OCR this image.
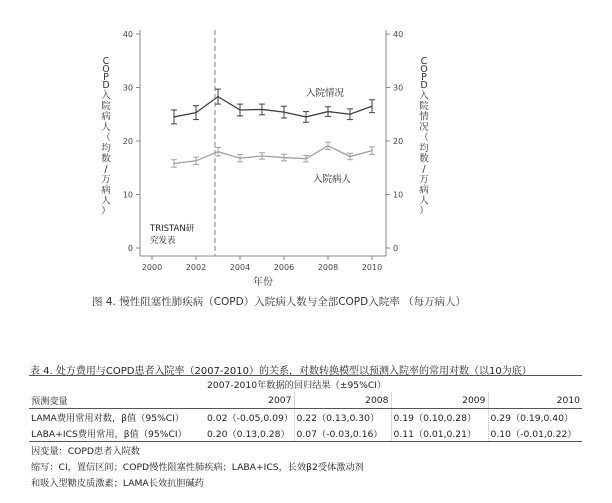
0	0
10	10
20	20
30	30
40	40
2000	2002	2004	2006	2008	2010
年份
C O P D 入院病人（均数/万病人）
C O P D 入院情况（均数/万病人）
TRISTAN研
究发表
入院情况
入院病人
图 4. 慢性阻塞性肺疾病（COPD）入院病人数与全部COPD入院率 （每万病人）
表 4. 处方费用与COPD患者入院率（2007-2010）的关系，对数转换模型以预测入院率的常用对数（以10为底）
	2007-2010年数据的回归结果（±95%CI）			
预测变量	2007	2008	2009	2010
LAMA费用常用对数，β值（95%CI）	0.02（-0.05,0.09）	0.22（0.13,0.30）	0.19（0.10,0.28）	0.29（0.19,0.40）
LABA+ICS费用常用，β值（95%CI）	0.20（0.13,0.28）	0.07（-0.03,0.16）	0.11（0.01,0.21）	0.10（-0.01,0.22）
因变量：COPD患者入院数				
缩写：CI，置信区间；COPD慢性阻塞性肺疾病；LABA+ICS，长效β2受体激动剂				
和吸入型糖皮质激素；LAMA长效抗胆碱药				
